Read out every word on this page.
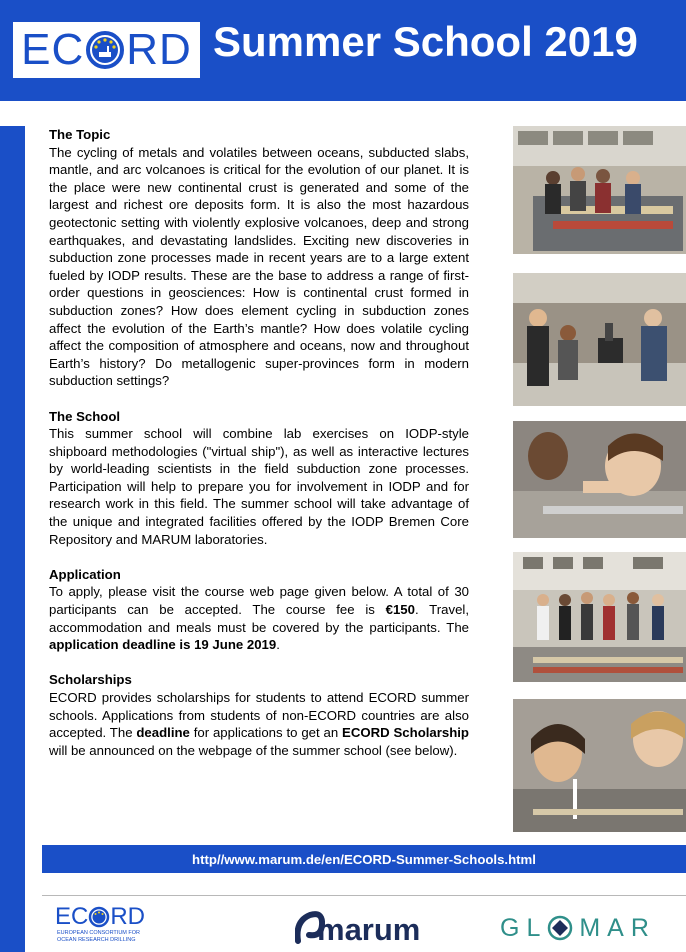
EC RD Summer School 2019
The Topic

The cycling of metals and volatiles between oceans, subducted slabs, mantle, and arc volcanoes is critical for the evolution of our planet. It is the place were new continental crust is generated and some of the largest and richest ore deposits form. It is also the most hazardous geotectonic setting with violently explosive volcanoes, deep and strong earthquakes, and devastating landslides. Exciting new discoveries in subduction zone processes made in recent years are to a large extent fueled by IODP results. These are the base to address a range of first-order questions in geosciences: How is continental crust formed in subduction zones? How does element cycling in subduction zones affect the evolution of the Earth’s mantle? How does volatile cycling affect the composition of atmosphere and oceans, now and throughout Earth’s history? Do metallogenic super-provinces form in modern subduction settings?

The School

This summer school will combine lab exercises on IODP-style shipboard methodologies ("virtual ship"), as well as interactive lectures by world-leading scientists in the field subduction zone processes. Participation will help to prepare you for involvement in IODP and for research work in this field. The summer school will take advantage of the unique and integrated facilities offered by the IODP Bremen Core Repository and MARUM laboratories.

Application

To apply, please visit the course web page given below. A total of 30 participants can be accepted. The course fee is €150. Travel, accommodation and meals must be covered by the participants. The application deadline is 19 June 2019.

Scholarships

ECORD provides scholarships for students to attend ECORD summer schools. Applications from students of non-ECORD countries are also accepted. The deadline for applications to get an ECORD Scholarship will be announced on the webpage of the summer school (see below).

http//www.marum.de/en/ECORD-Summer-Schools.html
EC RD
EUROPEAN CONSORTIUM FOR
OCEAN RESEARCH DRILLING	marum	GL MAR
